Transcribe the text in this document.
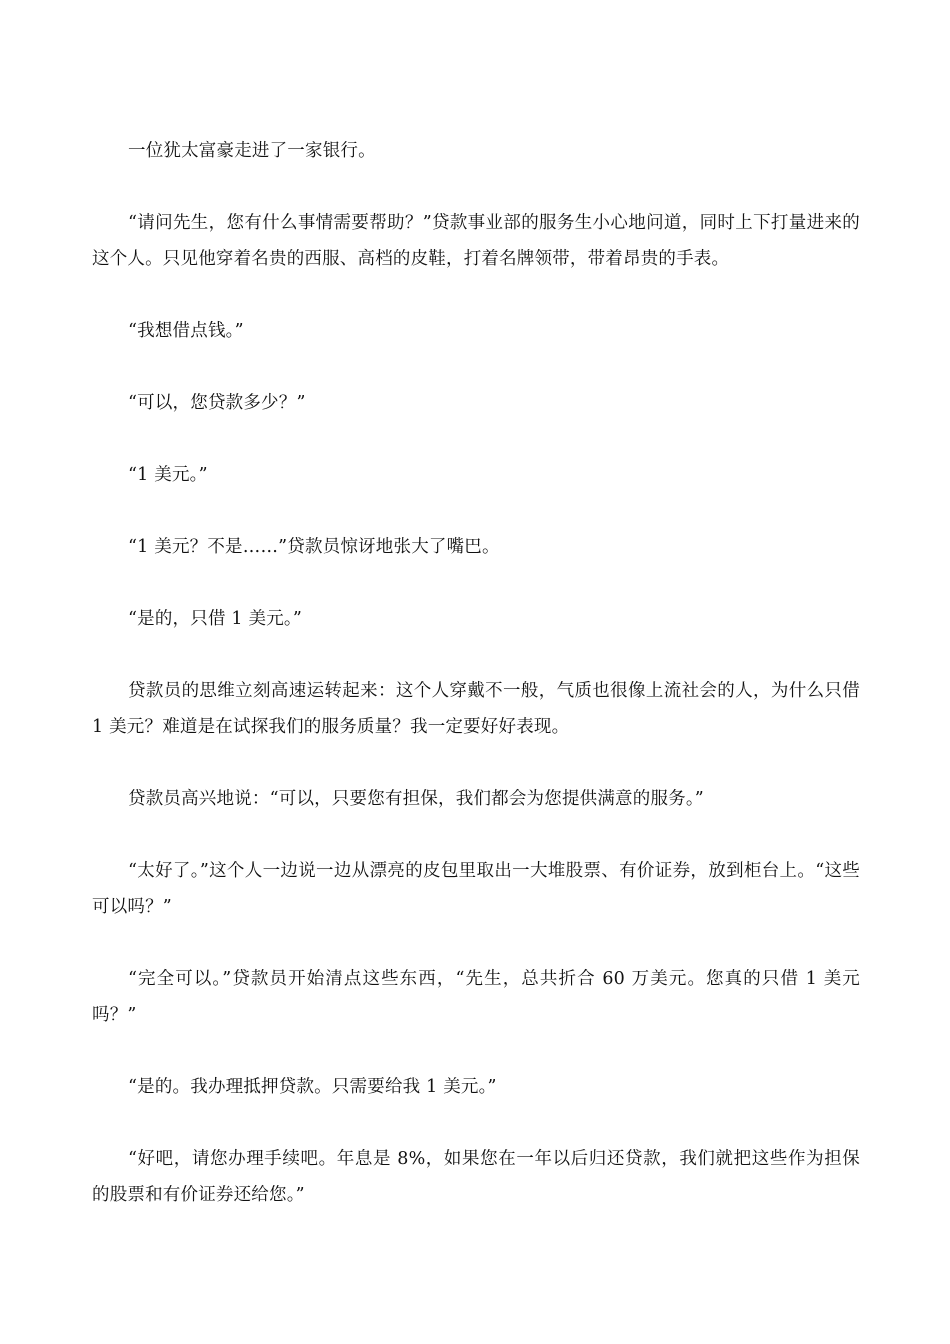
一位犹太富豪走进了一家银行。

“请问先生，您有什么事情需要帮助？”贷款事业部的服务生小心地问道，同时上下打量进来的这个人。只见他穿着名贵的西服、高档的皮鞋，打着名牌领带，带着昂贵的手表。

“我想借点钱。”

“可以，您贷款多少？”

“1 美元。”

“1 美元？不是……”贷款员惊讶地张大了嘴巴。

“是的，只借 1 美元。”

贷款员的思维立刻高速运转起来：这个人穿戴不一般，气质也很像上流社会的人，为什么只借 1 美元？难道是在试探我们的服务质量？我一定要好好表现。

贷款员高兴地说：“可以，只要您有担保，我们都会为您提供满意的服务。”

“太好了。”这个人一边说一边从漂亮的皮包里取出一大堆股票、有价证券，放到柜台上。“这些可以吗？”

“完全可以。”贷款员开始清点这些东西，“先生，总共折合 60 万美元。您真的只借 1 美元吗？”

“是的。我办理抵押贷款。只需要给我 1 美元。”

“好吧，请您办理手续吧。年息是 8%，如果您在一年以后归还贷款，我们就把这些作为担保的股票和有价证券还给您。”
